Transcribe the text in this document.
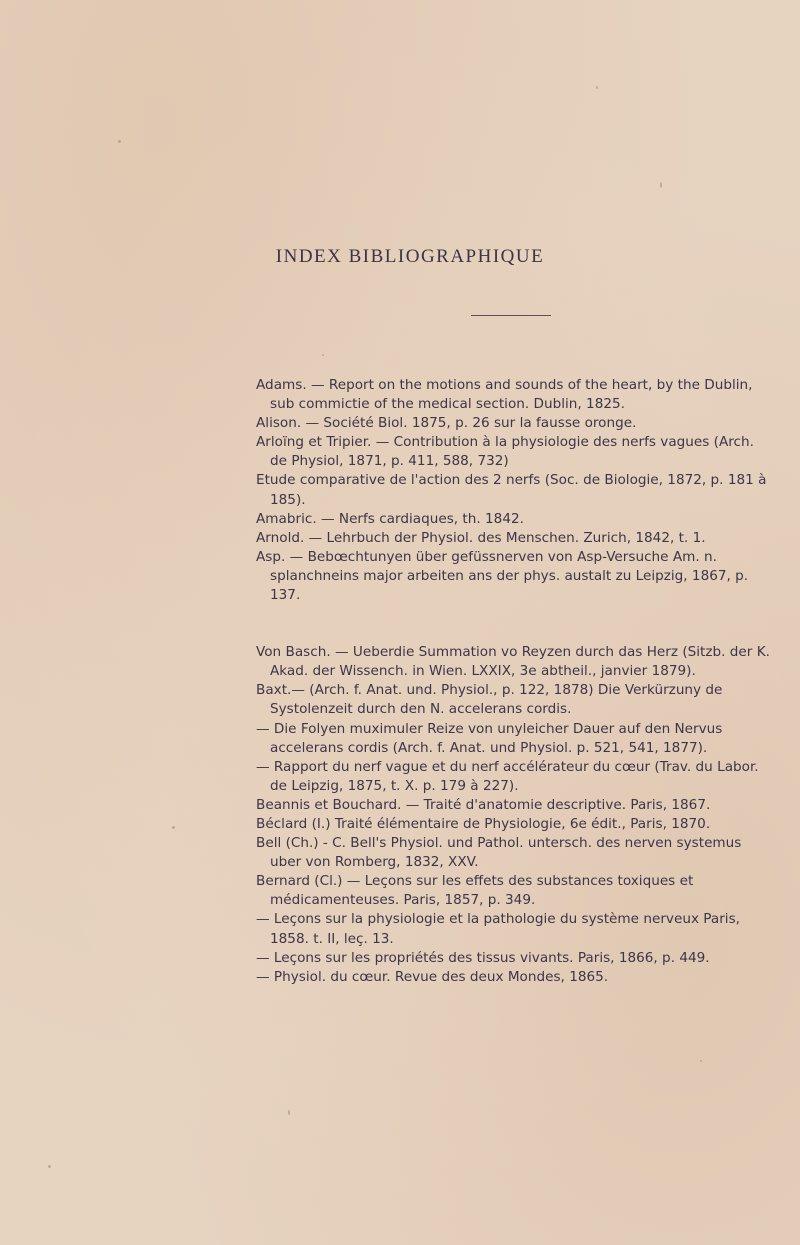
INDEX BIBLIOGRAPHIQUE

Adams. — Report on the motions and sounds of the heart, by the Dublin, sub commictie of the medical section. Dublin, 1825.

Alison. — Société Biol. 1875, p. 26 sur la fausse oronge.

Arloïng et Tripier. — Contribution à la physiologie des nerfs vagues (Arch. de Physiol, 1871, p. 411, 588, 732)

Etude comparative de l'action des 2 nerfs (Soc. de Biologie, 1872, p. 181 à 185).

Amabric. — Nerfs cardiaques, th. 1842.

Arnold. — Lehrbuch der Physiol. des Menschen. Zurich, 1842, t. 1.

Asp. — Bebœchtunyen über gefüssnerven von Asp-Versuche Am. n. splanchneins major arbeiten ans der phys. austalt zu Leipzig, 1867, p. 137.

Von Basch. — Ueberdie Summation vo Reyzen durch das Herz (Sitzb. der K. Akad. der Wissench. in Wien. LXXIX, 3e abtheil., janvier 1879).

Baxt.— (Arch. f. Anat. und. Physiol., p. 122, 1878) Die Verkürzuny de Systolenzeit durch den N. accelerans cordis.

— Die Folyen muximuler Reize von unyleicher Dauer auf den Nervus accelerans cordis (Arch. f. Anat. und Physiol. p. 521, 541, 1877).

— Rapport du nerf vague et du nerf accélérateur du cœur (Trav. du Labor. de Leipzig, 1875, t. X. p. 179 à 227).

Beannis et Bouchard. — Traité d'anatomie descriptive. Paris, 1867.

Béclard (I.) Traité élémentaire de Physiologie, 6e édit., Paris, 1870.

Bell (Ch.) - C. Bell's Physiol. und Pathol. untersch. des nerven systemus uber von Romberg, 1832, XXV.

Bernard (Cl.) — Leçons sur les effets des substances toxiques et médicamenteuses. Paris, 1857, p. 349.

— Leçons sur la physiologie et la pathologie du système nerveux Paris, 1858. t. II, leç. 13.

— Leçons sur les propriétés des tissus vivants. Paris, 1866, p. 449.

— Physiol. du cœur. Revue des deux Mondes, 1865.
